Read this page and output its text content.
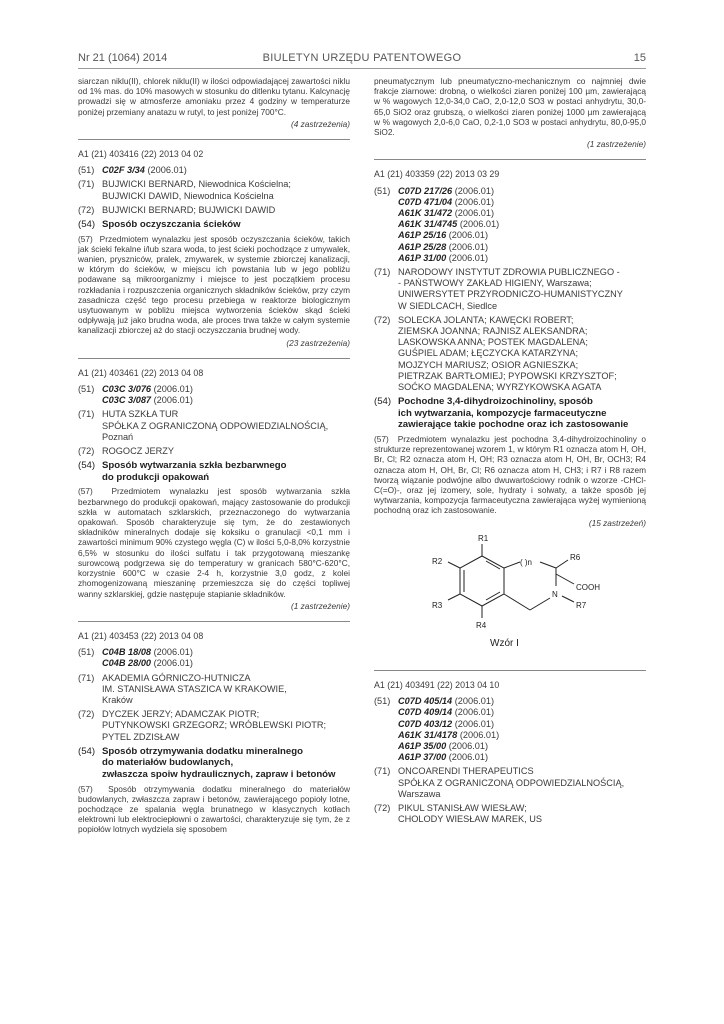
Nr 21 (1064) 2014	BIULETYN URZĘDU PATENTOWEGO	15

siarczan niklu(II), chlorek niklu(II) w ilości odpowiadającej zawartości niklu od 1% mas. do 10% masowych w stosunku do ditlenku tytanu. Kalcynację prowadzi się w atmosferze amoniaku przez 4 godziny w temperaturze poniżej przemiany anatazu w rutyl, to jest poniżej 700°C.

(4 zastrzeżenia)

A1 (21) 403416 (22) 2013 04 02
(51) C02F 3/34 (2006.01)
(71) BUJWICKI BERNARD, Niewodnica Kościelna;
BUJWICKI DAWID, Niewodnica Kościelna
(72) BUJWICKI BERNARD; BUJWICKI DAWID
(54) Sposób oczyszczania ścieków

(57) Przedmiotem wynalazku jest sposób oczyszczania ścieków, takich jak ścieki fekalne i/lub szara woda, to jest ścieki pochodzące z umywalek, wanien, pryszniców, pralek, zmywarek, w systemie zbiorczej kanalizacji, w którym do ścieków, w miejscu ich powstania lub w jego pobliżu podawane są mikroorganizmy i miejsce to jest początkiem procesu rozkładania i rozpuszczenia organicznych składników ścieków, przy czym zasadnicza część tego procesu przebiega w reaktorze biologicznym usytuowanym w pobliżu miejsca wytworzenia ścieków skąd ścieki odpływają już jako brudna woda, ale proces trwa także w całym systemie kanalizacji zbiorczej aż do stacji oczyszczania brudnej wody.

(23 zastrzeżenia)

A1 (21) 403461 (22) 2013 04 08
(51) C03C 3/076 (2006.01)
C03C 3/087 (2006.01)
(71) HUTA SZKŁA TUR
SPÓŁKA Z OGRANICZONĄ ODPOWIEDZIALNOŚCIĄ,
Poznań
(72) ROGOCZ JERZY
(54) Sposób wytwarzania szkła bezbarwnego
do produkcji opakowań

(57) Przedmiotem wynalazku jest sposób wytwarzania szkła bezbarwnego do produkcji opakowań, mający zastosowanie do produkcji szkła w automatach szklarskich, przeznaczonego do wytwarzania opakowań. Sposób charakteryzuje się tym, że do zestawionych składników mineralnych dodaje się koksiku o granulacji <0,1 mm i zawartości minimum 90% czystego węgla (C) w ilości 5,0-8,0% korzystnie 6,5% w stosunku do ilości sulfatu i tak przygotowaną mieszankę surowcową podgrzewa się do temperatury w granicach 580°C-620°C, korzystnie 600°C w czasie 2-4 h, korzystnie 3,0 godz, z kolei zhomogenizowaną mieszaninę przemieszcza się do części topliwej wanny szklarskiej, gdzie następuje stapianie składników.

(1 zastrzeżenie)

A1 (21) 403453 (22) 2013 04 08
(51) C04B 18/08 (2006.01)
C04B 28/00 (2006.01)
(71) AKADEMIA GÓRNICZO-HUTNICZA
IM. STANISŁAWA STASZICA W KRAKOWIE,
Kraków
(72) DYCZEK JERZY; ADAMCZAK PIOTR;
PUTYNKOWSKI GRZEGORZ; WRÓBLEWSKI PIOTR;
PYTEL ZDZISŁAW
(54) Sposób otrzymywania dodatku mineralnego
do materiałów budowlanych,
zwłaszcza spoiw hydraulicznych, zapraw i betonów

(57) Sposób otrzymywania dodatku mineralnego do materiałów budowlanych, zwłaszcza zapraw i betonów, zawierającego popioły lotne, pochodzące ze spalania węgla brunatnego w klasycznych kotłach elektrowni lub elektrociepłowni o zawartości, charakteryzuje się tym, że z popiołów lotnych wydziela się sposobem

pneumatycznym lub pneumatyczno-mechanicznym co najmniej dwie frakcje ziarnowe: drobną, o wielkości ziaren poniżej 100 µm, zawierającą w % wagowych 12,0-34,0 CaO, 2,0-12,0 SO3 w postaci anhydrytu, 30,0-65,0 SiO2 oraz grubszą, o wielkości ziaren poniżej 1000 µm zawierającą w % wagowych 2,0-6,0 CaO, 0,2-1,0 SO3 w postaci anhydrytu, 80,0-95,0 SiO2.

(1 zastrzeżenie)

A1 (21) 403359 (22) 2013 03 29
(51) C07D 217/26 (2006.01)
C07D 471/04 (2006.01)
A61K 31/472 (2006.01)
A61K 31/4745 (2006.01)
A61P 25/16 (2006.01)
A61P 25/28 (2006.01)
A61P 31/00 (2006.01)
(71) NARODOWY INSTYTUT ZDROWIA PUBLICZNEGO -
- PAŃSTWOWY ZAKŁAD HIGIENY, Warszawa;
UNIWERSYTET PRZYRODNICZO-HUMANISTYCZNY
W SIEDLCACH, Siedlce
(72) SOLECKA JOLANTA; KAWĘCKI ROBERT;
ZIEMSKA JOANNA; RAJNISZ ALEKSANDRA;
LASKOWSKA ANNA; POSTEK MAGDALENA;
GUŚPIEL ADAM; ŁĘCZYCKA KATARZYNA;
MOJZYCH MARIUSZ; OSIOR AGNIESZKA;
PIETRZAK BARTŁOMIEJ; PYPOWSKI KRZYSZTOF;
SOĆKO MAGDALENA; WYRZYKOWSKA AGATA
(54) Pochodne 3,4-dihydroizochinoliny, sposób
ich wytwarzania, kompozycje farmaceutyczne
zawierające takie pochodne oraz ich zastosowanie

(57) Przedmiotem wynalazku jest pochodna 3,4-dihydroizochinoliny o strukturze reprezentowanej wzorem 1, w którym R1 oznacza atom H, OH, Br, Cl; R2 oznacza atom H, OH; R3 oznacza atom H, OH, Br, OCH3; R4 oznacza atom H, OH, Br, Cl; R6 oznacza atom H, CH3; i R7 i R8 razem tworzą wiązanie podwójne albo dwuwartościowy rodnik o wzorze -CHCl-C(=O)-, oraz jej izomery, sole, hydraty i solwaty, a także sposób jej wytwarzania, kompozycja farmaceutyczna zawierająca wyżej wymienioną pochodną oraz ich zastosowanie.

(15 zastrzeżeń)

R1
R2
R3
R4
( )n
R6
COOH
N
R7
Wzór I
A1 (21) 403491 (22) 2013 04 10
(51) C07D 405/14 (2006.01)
C07D 409/14 (2006.01)
C07D 403/12 (2006.01)
A61K 31/4178 (2006.01)
A61P 35/00 (2006.01)
A61P 37/00 (2006.01)
(71) ONCOARENDI THERAPEUTICS
SPÓŁKA Z OGRANICZONĄ ODPOWIEDZIALNOŚCIĄ,
Warszawa
(72) PIKUL STANISŁAW WIESŁAW;
CHOLODY WIESŁAW MAREK, US
